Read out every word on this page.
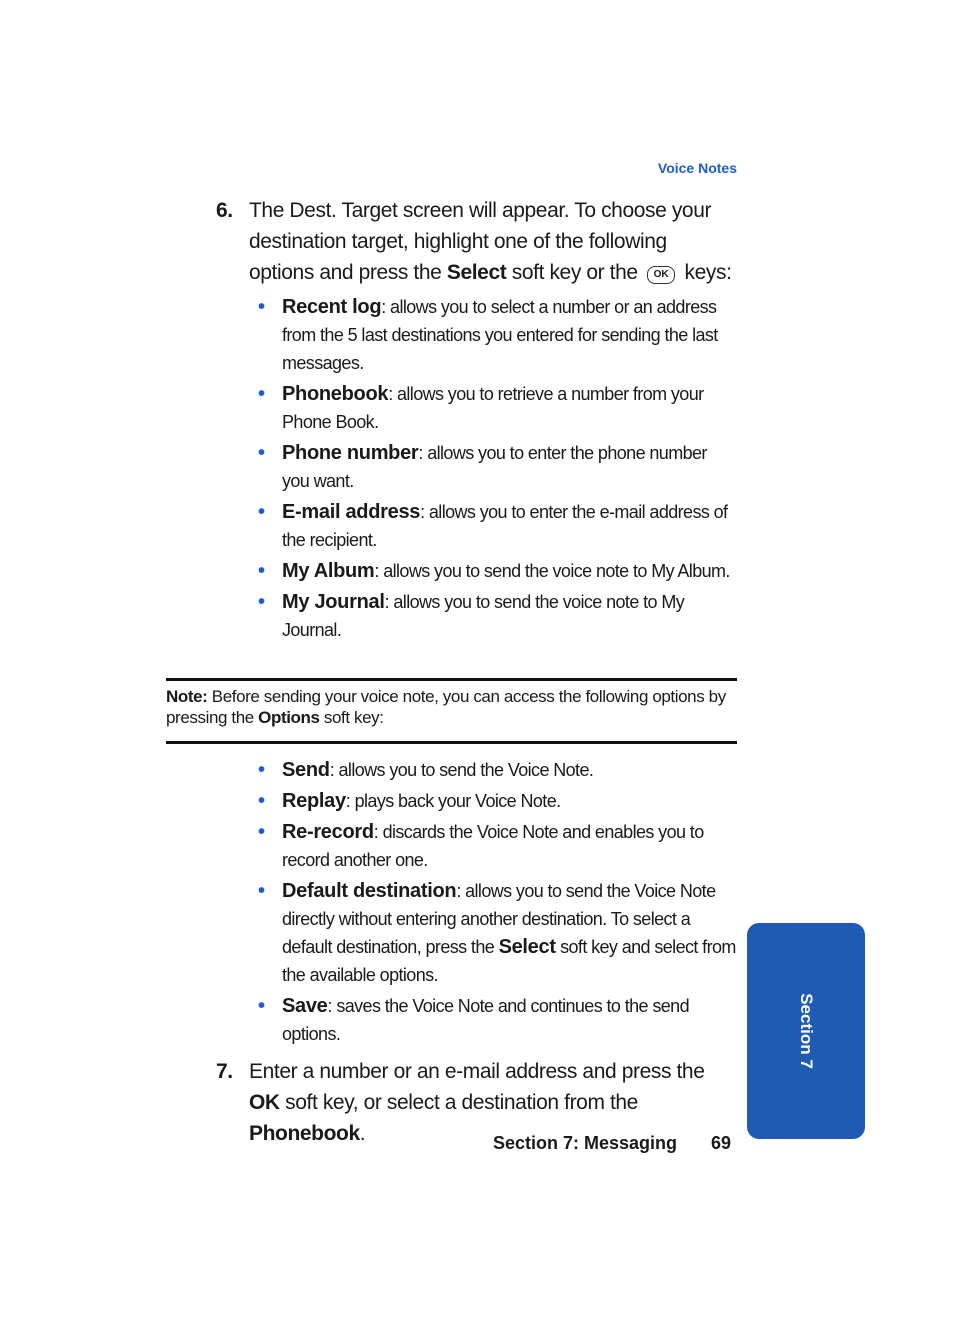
Voice Notes
6. The Dest. Target screen will appear. To choose your destination target, highlight one of the following options and press the Select soft key or the OK keys:
• Recent log: allows you to select a number or an address from the 5 last destinations you entered for sending the last messages.
• Phonebook: allows you to retrieve a number from your Phone Book.
• Phone number: allows you to enter the phone number you want.
• E-mail address: allows you to enter the e-mail address of the recipient.
• My Album: allows you to send the voice note to My Album.
• My Journal: allows you to send the voice note to My Journal.
Note: Before sending your voice note, you can access the following options by pressing the Options soft key:
• Send: allows you to send the Voice Note.
• Replay: plays back your Voice Note.
• Re-record: discards the Voice Note and enables you to record another one.
• Default destination: allows you to send the Voice Note directly without entering another destination. To select a default destination, press the Select soft key and select from the available options.
• Save: saves the Voice Note and continues to the send options.
7. Enter a number or an e-mail address and press the OK soft key, or select a destination from the Phonebook.	Section 7: Messaging 69
Section 7
